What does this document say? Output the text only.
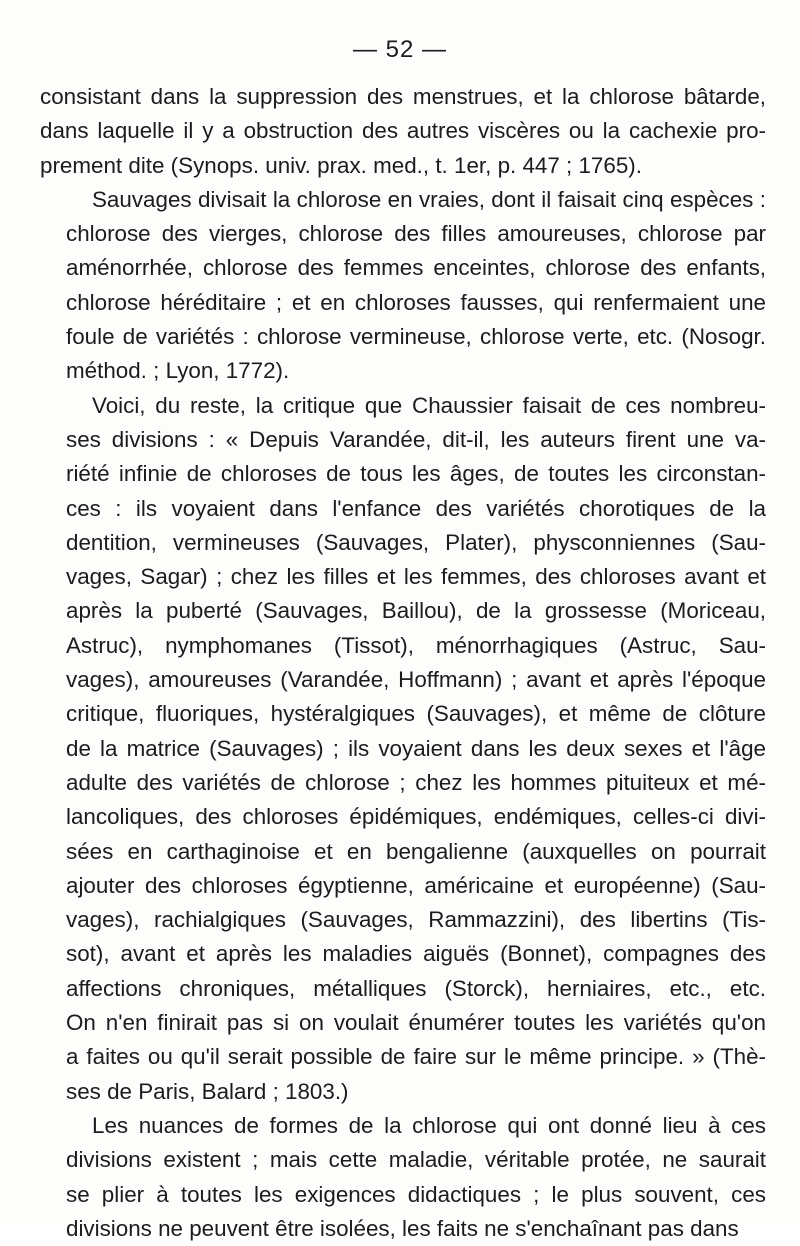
— 52 —
consistant dans la suppression des menstrues, et la chlorose bâtarde,
dans laquelle il y a obstruction des autres viscères ou la cachexie pro-
prement dite (Synops. univ. prax. med., t. 1er, p. 447 ; 1765).
Sauvages divisait la chlorose en vraies, dont il faisait cinq espèces :
chlorose des vierges, chlorose des filles amoureuses, chlorose par
aménorrhée, chlorose des femmes enceintes, chlorose des enfants,
chlorose héréditaire ; et en chloroses fausses, qui renfermaient une
foule de variétés : chlorose vermineuse, chlorose verte, etc. (Nosogr.
méthod. ; Lyon, 1772).
Voici, du reste, la critique que Chaussier faisait de ces nombreu-
ses divisions : « Depuis Varandée, dit-il, les auteurs firent une va-
riété infinie de chloroses de tous les âges, de toutes les circonstan-
ces : ils voyaient dans l'enfance des variétés chorotiques de la
dentition, vermineuses (Sauvages, Plater), physconniennes (Sau-
vages, Sagar) ; chez les filles et les femmes, des chloroses avant et
après la puberté (Sauvages, Baillou), de la grossesse (Moriceau,
Astruc), nymphomanes (Tissot), ménorrhagiques (Astruc, Sau-
vages), amoureuses (Varandée, Hoffmann) ; avant et après l'époque
critique, fluoriques, hystéralgiques (Sauvages), et même de clôture
de la matrice (Sauvages) ; ils voyaient dans les deux sexes et l'âge
adulte des variétés de chlorose ; chez les hommes pituiteux et mé-
lancoliques, des chloroses épidémiques, endémiques, celles-ci divi-
sées en carthaginoise et en bengalienne (auxquelles on pourrait
ajouter des chloroses égyptienne, américaine et européenne) (Sau-
vages), rachialgiques (Sauvages, Rammazzini), des libertins (Tis-
sot), avant et après les maladies aiguës (Bonnet), compagnes des
affections chroniques, métalliques (Storck), herniaires, etc., etc.
On n'en finirait pas si on voulait énumérer toutes les variétés qu'on
a faites ou qu'il serait possible de faire sur le même principe. » (Thè-
ses de Paris, Balard ; 1803.)
Les nuances de formes de la chlorose qui ont donné lieu à ces
divisions existent ; mais cette maladie, véritable protée, ne saurait
se plier à toutes les exigences didactiques ; le plus souvent, ces
divisions ne peuvent être isolées, les faits ne s'enchaînant pas dans
